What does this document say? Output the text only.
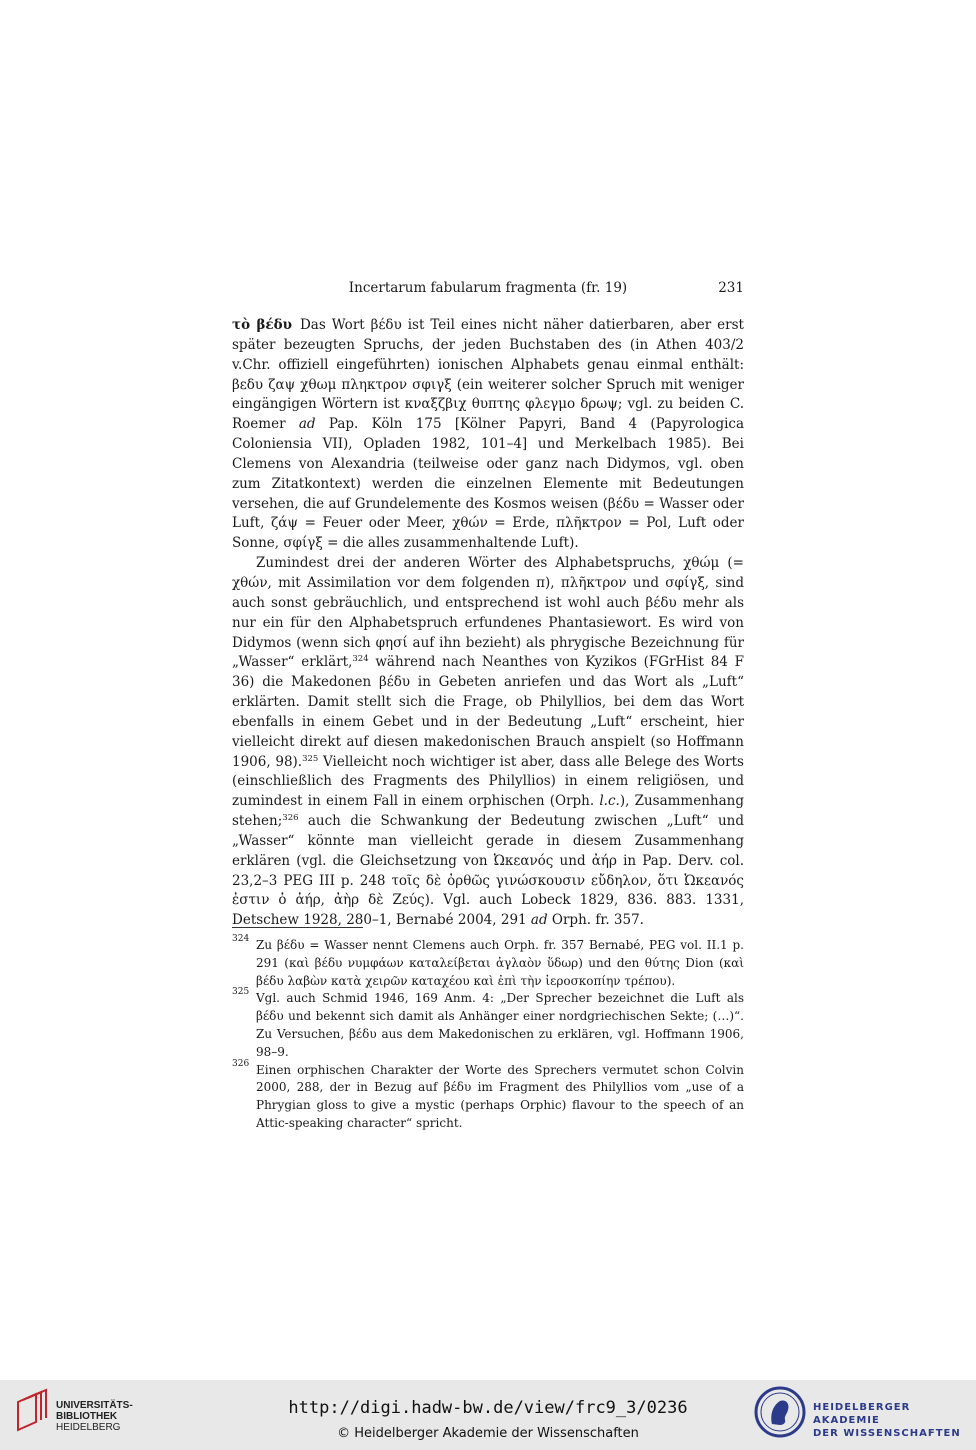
Incertarum fabularum fragmenta (fr. 19)	231

τὸ βέδυ Das Wort βέδυ ist Teil eines nicht näher datierbaren, aber erst später bezeugten Spruchs, der jeden Buchstaben des (in Athen 403/2 v.Chr. offiziell eingeführten) ionischen Alphabets genau einmal enthält: βεδυ ζαψ χθωμ πληκτρον σφιγξ (ein weiterer solcher Spruch mit weniger eingängigen Wörtern ist κναξζβιχ θυπτης φλεγμο δρωψ; vgl. zu beiden C. Roemer ad Pap. Köln 175 [Kölner Papyri, Band 4 (Papyrologica Coloniensia VII), Opladen 1982, 101–4] und Merkelbach 1985). Bei Clemens von Alexandria (teilweise oder ganz nach Didymos, vgl. oben zum Zitatkontext) werden die einzelnen Elemente mit Bedeutungen versehen, die auf Grundelemente des Kosmos weisen (βέδυ = Wasser oder Luft, ζάψ = Feuer oder Meer, χθών = Erde, πλῆκτρον = Pol, Luft oder Sonne, σφίγξ = die alles zusammenhaltende Luft).

Zumindest drei der anderen Wörter des Alphabetspruchs, χθώμ (= χθών, mit Assimilation vor dem folgenden π), πλῆκτρον und σφίγξ, sind auch sonst gebräuchlich, und entsprechend ist wohl auch βέδυ mehr als nur ein für den Alphabetspruch erfundenes Phantasiewort. Es wird von Didymos (wenn sich φησί auf ihn bezieht) als phrygische Bezeichnung für „Wasser“ erklärt,$^{324}$ während nach Neanthes von Kyzikos (FGrHist 84 F 36) die Makedonen βέδυ in Gebeten anriefen und das Wort als „Luft“ erklärten. Damit stellt sich die Frage, ob Philyllios, bei dem das Wort ebenfalls in einem Gebet und in der Bedeutung „Luft“ erscheint, hier vielleicht direkt auf diesen makedonischen Brauch anspielt (so Hoffmann 1906, 98).$^{325}$ Vielleicht noch wichtiger ist aber, dass alle Belege des Worts (einschließlich des Fragments des Philyllios) in einem religiösen, und zumindest in einem Fall in einem orphischen (Orph. l.c.), Zusammenhang stehen;$^{326}$ auch die Schwankung der Bedeutung zwischen „Luft“ und „Wasser“ könnte man vielleicht gerade in diesem Zusammenhang erklären (vgl. die Gleichsetzung von Ὠκεανός und ἀήρ in Pap. Derv. col. 23,2–3 PEG III p. 248 τοῖς δὲ ὀρθῶς γινώσκουσιν εὔδηλον, ὅτι Ὠκεανός ἐστιν ὁ ἀήρ, ἀὴρ δὲ Ζεύς). Vgl. auch Lobeck 1829, 836. 883. 1331, Detschew 1928, 280–1, Bernabé 2004, 291 ad Orph. fr. 357.

324 Zu βέδυ = Wasser nennt Clemens auch Orph. fr. 357 Bernabé, PEG vol. II.1 p. 291 (καὶ βέδυ νυμφάων καταλείβεται ἀγλαὸν ὕδωρ) und den θύτης Dion (καὶ βέδυ λαβὼν κατὰ χειρῶν καταχέου καὶ ἐπὶ τὴν ἱεροσκοπίην τρέπου).
325 Vgl. auch Schmid 1946, 169 Anm. 4: „Der Sprecher bezeichnet die Luft als βέδυ und bekennt sich damit als Anhänger einer nordgriechischen Sekte; (…)“. Zu Versuchen, βέδυ aus dem Makedonischen zu erklären, vgl. Hoffmann 1906, 98–9.
326 Einen orphischen Charakter der Worte des Sprechers vermutet schon Colvin 2000, 288, der in Bezug auf βέδυ im Fragment des Philyllios vom „use of a Phrygian gloss to give a mystic (perhaps Orphic) flavour to the speech of an Attic-speaking character“ spricht.
UNIVERSITÄTS-
BIBLIOTHEK
HEIDELBERG
http://digi.hadw-bw.de/view/frc9_3/0236
© Heidelberger Akademie der Wissenschaften
HEIDELBERGER AKADEMIE
DER WISSENSCHAFTEN
